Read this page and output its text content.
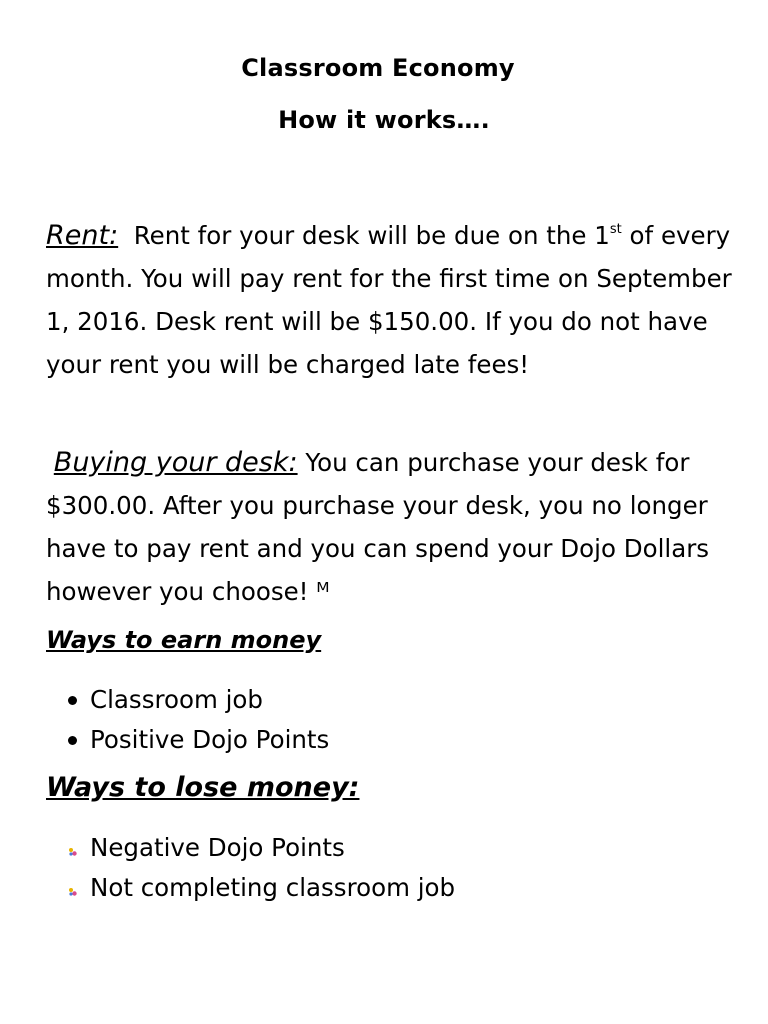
Classroom Economy
How it works….

Rent: Rent for your desk will be due on the 1st of every month. You will pay rent for the first time on September 1, 2016. Desk rent will be $150.00. If you do not have your rent you will be charged late fees!

Buying your desk: You can purchase your desk for $300.00. After you purchase your desk, you no longer have to pay rent and you can spend your Dojo Dollars however you choose! ᴹ

Ways to earn money
Classroom job
Positive Dojo Points
Ways to lose money:
Negative Dojo Points
Not completing classroom job
